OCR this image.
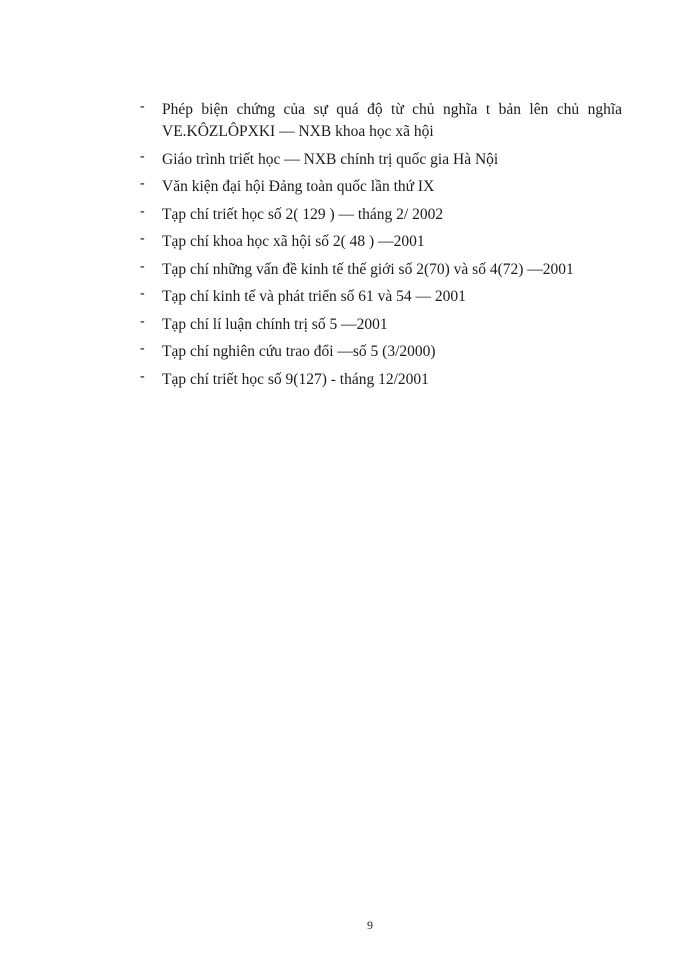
-	Phép biện chứng của sự quá độ từ chủ nghĩa t bản lên chủ nghĩa
VE.KÔZLÔPXKI — NXB khoa học xã hội
-	Giáo trình triết học — NXB chính trị quốc gia Hà Nội
-	Văn kiện đại hội Đảng toàn quốc lần thứ IX
-	Tạp chí triết học số 2( 129 ) — tháng 2/ 2002
-	Tạp chí khoa học xã hội số 2( 48 ) —2001
-	Tạp chí những vấn đề kinh tế thế giới số 2(70) và số 4(72) —2001
-	Tạp chí kinh tế và phát triển số 61 và 54 — 2001
-	Tạp chí lí luận chính trị số 5 —2001
-	Tạp chí nghiên cứu trao đổi —số 5 (3/2000)
-	Tạp chí triết học số 9(127) - tháng 12/2001
9
